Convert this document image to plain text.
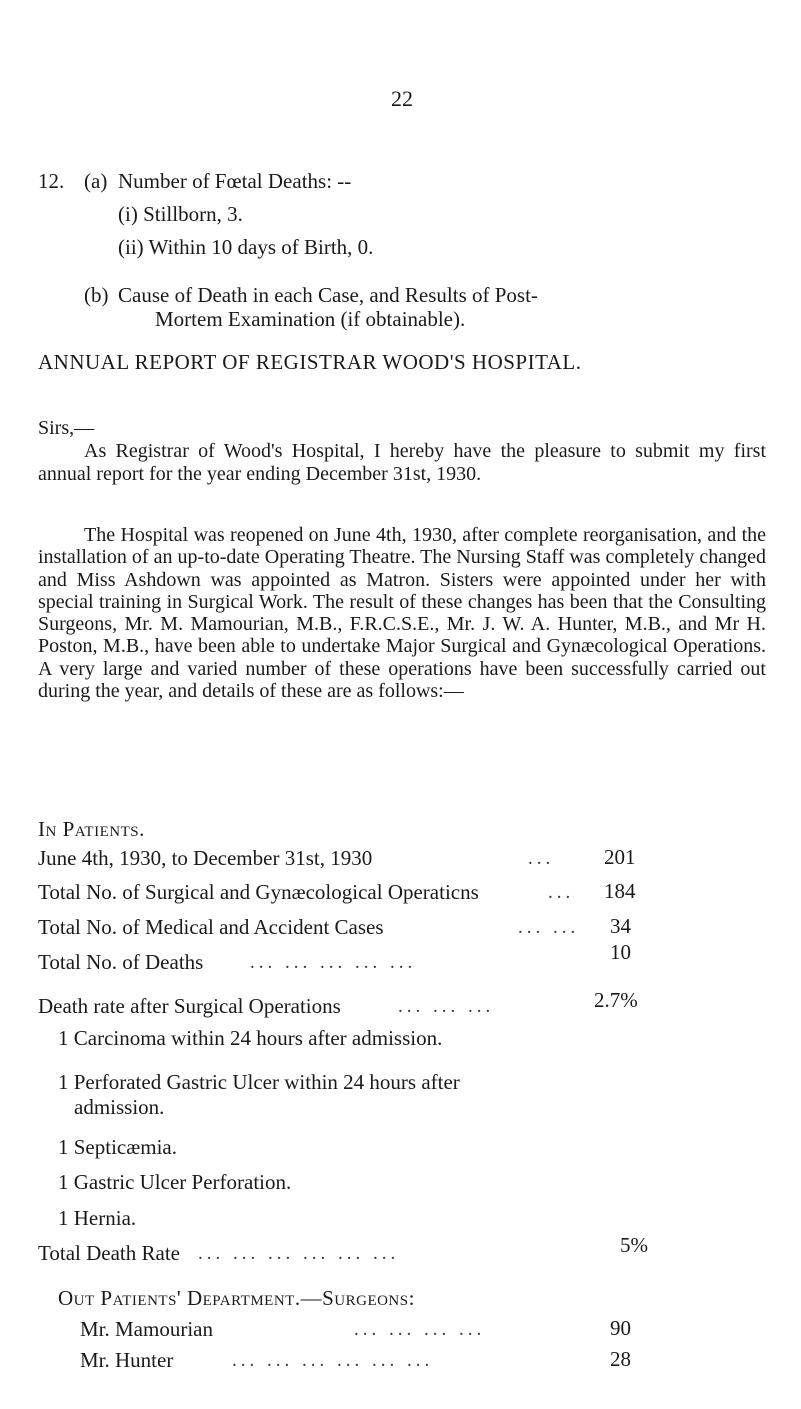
22
12. (a) Number of Fœtal Deaths: --
(i) Stillborn, 3.
(ii) Within 10 days of Birth, 0.
(b) Cause of Death in each Case, and Results of Post-
Mortem Examination (if obtainable).
ANNUAL REPORT OF REGISTRAR WOOD'S HOSPITAL.
Sirs,—
As Registrar of Wood's Hospital, I hereby have the pleasure to submit my first annual report for the year ending December 31st, 1930.
The Hospital was reopened on June 4th, 1930, after complete reorganisation, and the installation of an up-to-date Operating Theatre. The Nursing Staff was completely changed and Miss Ashdown was appointed as Matron. Sisters were appointed under her with special training in Surgical Work. The result of these changes has been that the Consulting Surgeons, Mr. M. Mamourian, M.B., F.R.C.S.E., Mr. J. W. A. Hunter, M.B., and Mr H. Poston, M.B., have been able to undertake Major Surgical and Gynæcological Operations. A very large and varied number of these operations have been successfully carried out during the year, and details of these are as follows:—
In Patients.
June 4th, 1930, to December 31st, 1930	... 201
Total No. of Surgical and Gynæcological Operaticns	... 184
Total No. of Medical and Accident Cases	... ... 34
Total No. of Deaths ... ... ... ... ...	10
Death rate after Surgical Operations	... ... ...	2.7%
1 Carcinoma within 24 hours after admission.
1 Perforated Gastric Ulcer within 24 hours after
admission.
1 Septicæmia.
1 Gastric Ulcer Perforation.
1 Hernia.
Total Death Rate ... ... ... ... ... ...	5%
Out Patients' Department.—Surgeons:
Mr. Mamourian	... ... ... ...	90
Mr. Hunter	... ... ... ... ... ...	28
